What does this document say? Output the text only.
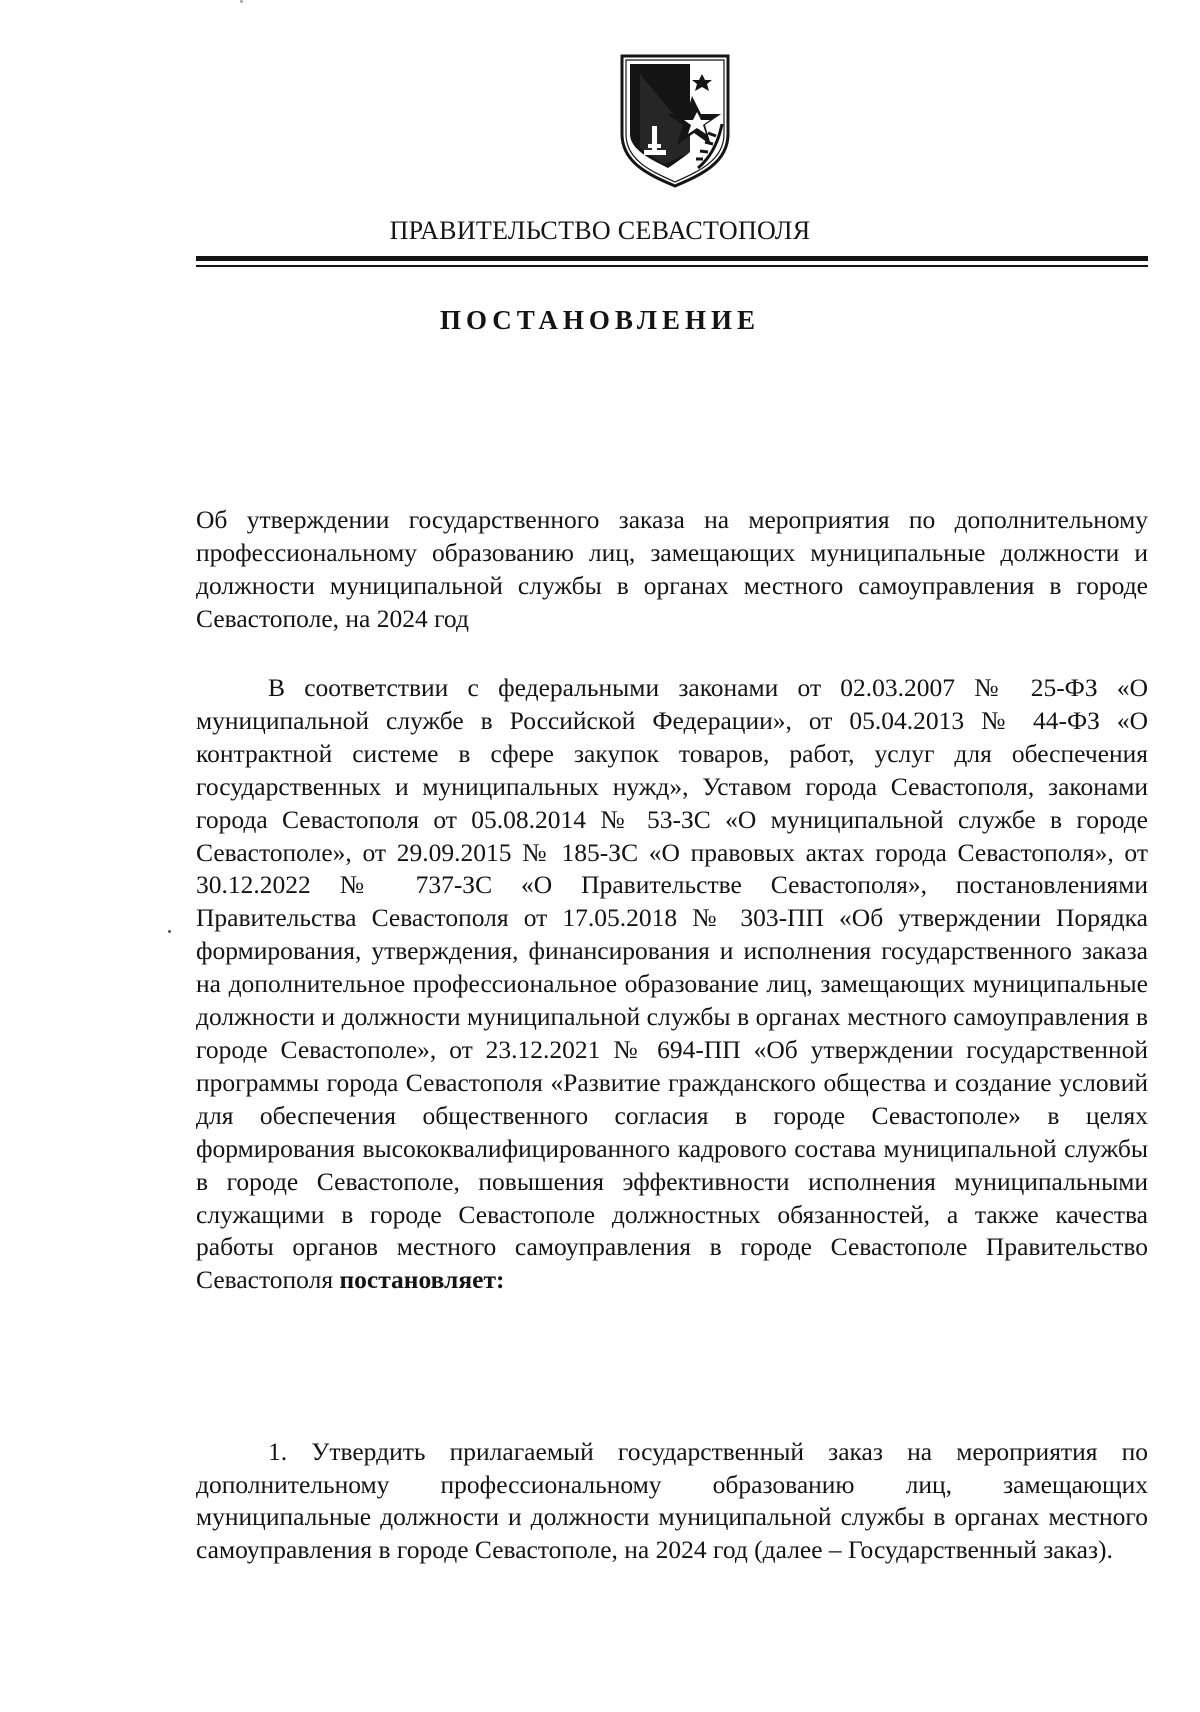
ПРАВИТЕЛЬСТВО СЕВАСТОПОЛЯ
ПОСТАНОВЛЕНИЕ

Об утверждении государственного заказа на мероприятия по дополнительному профессиональному образованию лиц, замещающих муниципальные должности и должности муниципальной службы в органах местного самоуправления в городе Севастополе, на 2024 год

В соответствии с федеральными законами от 02.03.2007 № 25-ФЗ «О муниципальной службе в Российской Федерации», от 05.04.2013 № 44-ФЗ «О контрактной системе в сфере закупок товаров, работ, услуг для обеспечения государственных и муниципальных нужд», Уставом города Севастополя, законами города Севастополя от 05.08.2014 № 53-ЗС «О муниципальной службе в городе Севастополе», от 29.09.2015 № 185-ЗС «О правовых актах города Севастополя», от 30.12.2022 № 737-ЗС «О Правительстве Севастополя», постановлениями Правительства Севастополя от 17.05.2018 № 303-ПП «Об утверждении Порядка формирования, утверждения, финансирования и исполнения государственного заказа на дополнительное профессиональное образование лиц, замещающих муниципальные должности и должности муниципальной службы в органах местного самоуправления в городе Севастополе», от 23.12.2021 № 694-ПП «Об утверждении государственной программы города Севастополя «Развитие гражданского общества и создание условий для обеспечения общественного согласия в городе Севастополе» в целях формирования высококвалифицированного кадрового состава муниципальной службы в городе Севастополе, повышения эффективности исполнения муниципальными служащими в городе Севастополе должностных обязанностей, а также качества работы органов местного самоуправления в городе Севастополе Правительство Севастополя постановляет:

1. Утвердить прилагаемый государственный заказ на мероприятия по дополнительному профессиональному образованию лиц, замещающих муниципальные должности и должности муниципальной службы в органах местного самоуправления в городе Севастополе, на 2024 год (далее – Государственный заказ).
